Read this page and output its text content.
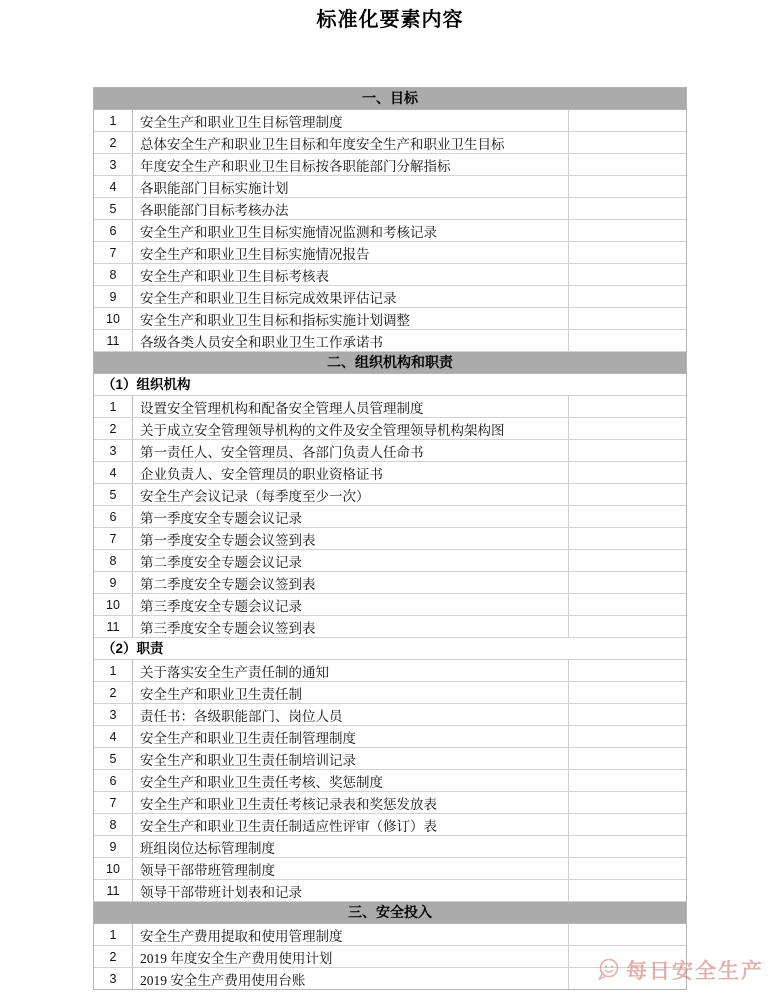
标准化要素内容
一、目标
1	安全生产和职业卫生目标管理制度
2	总体安全生产和职业卫生目标和年度安全生产和职业卫生目标
3	年度安全生产和职业卫生目标按各职能部门分解指标
4	各职能部门目标实施计划
5	各职能部门目标考核办法
6	安全生产和职业卫生目标实施情况监测和考核记录
7	安全生产和职业卫生目标实施情况报告
8	安全生产和职业卫生目标考核表
9	安全生产和职业卫生目标完成效果评估记录
10	安全生产和职业卫生目标和指标实施计划调整
11	各级各类人员安全和职业卫生工作承诺书
二、组织机构和职责
（1）组织机构
1	设置安全管理机构和配备安全管理人员管理制度
2	关于成立安全管理领导机构的文件及安全管理领导机构架构图
3	第一责任人、安全管理员、各部门负责人任命书
4	企业负责人、安全管理员的职业资格证书
5	安全生产会议记录（每季度至少一次）
6	第一季度安全专题会议记录
7	第一季度安全专题会议签到表
8	第二季度安全专题会议记录
9	第二季度安全专题会议签到表
10	第三季度安全专题会议记录
11	第三季度安全专题会议签到表
（2）职责
1	关于落实安全生产责任制的通知
2	安全生产和职业卫生责任制
3	责任书：各级职能部门、岗位人员
4	安全生产和职业卫生责任制管理制度
5	安全生产和职业卫生责任制培训记录
6	安全生产和职业卫生责任考核、奖惩制度
7	安全生产和职业卫生责任考核记录表和奖惩发放表
8	安全生产和职业卫生责任制适应性评审（修订）表
9	班组岗位达标管理制度
10	领导干部带班管理制度
11	领导干部带班计划表和记录
三、安全投入
1	安全生产费用提取和使用管理制度
2	2019 年度安全生产费用使用计划
3	2019 安全生产费用使用台账	每日安全生产
